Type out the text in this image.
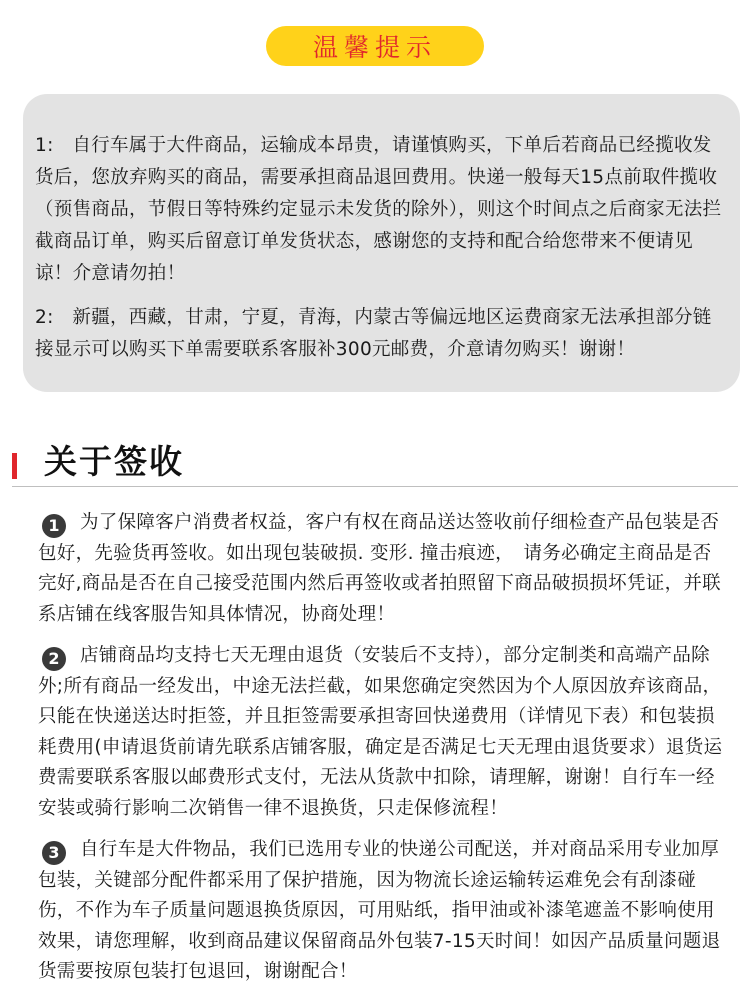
温馨提示

1:　自行车属于大件商品，运输成本昂贵，请谨慎购买，下单后若商品已经揽收发货后，您放弃购买的商品，需要承担商品退回费用。快递一般每天15点前取件揽收（预售商品，节假日等特殊约定显示未发货的除外），则这个时间点之后商家无法拦截商品订单，购买后留意订单发货状态，感谢您的支持和配合给您带来不便请见谅！介意请勿拍！

2:　新疆，西藏，甘肃，宁夏，青海，内蒙古等偏远地区运费商家无法承担部分链接显示可以购买下单需要联系客服补300元邮费，介意请勿购买！谢谢！

关于签收

1 为了保障客户消费者权益，客户有权在商品送达签收前仔细检查产品包装是否包好，先验货再签收。如出现包装破损. 变形. 撞击痕迹，　请务必确定主商品是否完好,商品是否在自己接受范围内然后再签收或者拍照留下商品破损损坏凭证，并联系店铺在线客服告知具体情况，协商处理！

2 店铺商品均支持七天无理由退货（安装后不支持），部分定制类和高端产品除外;所有商品一经发出，中途无法拦截，如果您确定突然因为个人原因放弃该商品，只能在快递送达时拒签，并且拒签需要承担寄回快递费用（详情见下表）和包装损耗费用(申请退货前请先联系店铺客服，确定是否满足七天无理由退货要求）退货运费需要联系客服以邮费形式支付，无法从货款中扣除，请理解，谢谢！自行车一经安装或骑行影响二次销售一律不退换货，只走保修流程！

3 自行车是大件物品，我们已选用专业的快递公司配送，并对商品采用专业加厚包装，关键部分配件都采用了保护措施，因为物流长途运输转运难免会有刮漆碰伤，不作为车子质量问题退换货原因，可用贴纸，指甲油或补漆笔遮盖不影响使用效果，请您理解，收到商品建议保留商品外包装7-15天时间！如因产品质量问题退货需要按原包装打包退回，谢谢配合！
